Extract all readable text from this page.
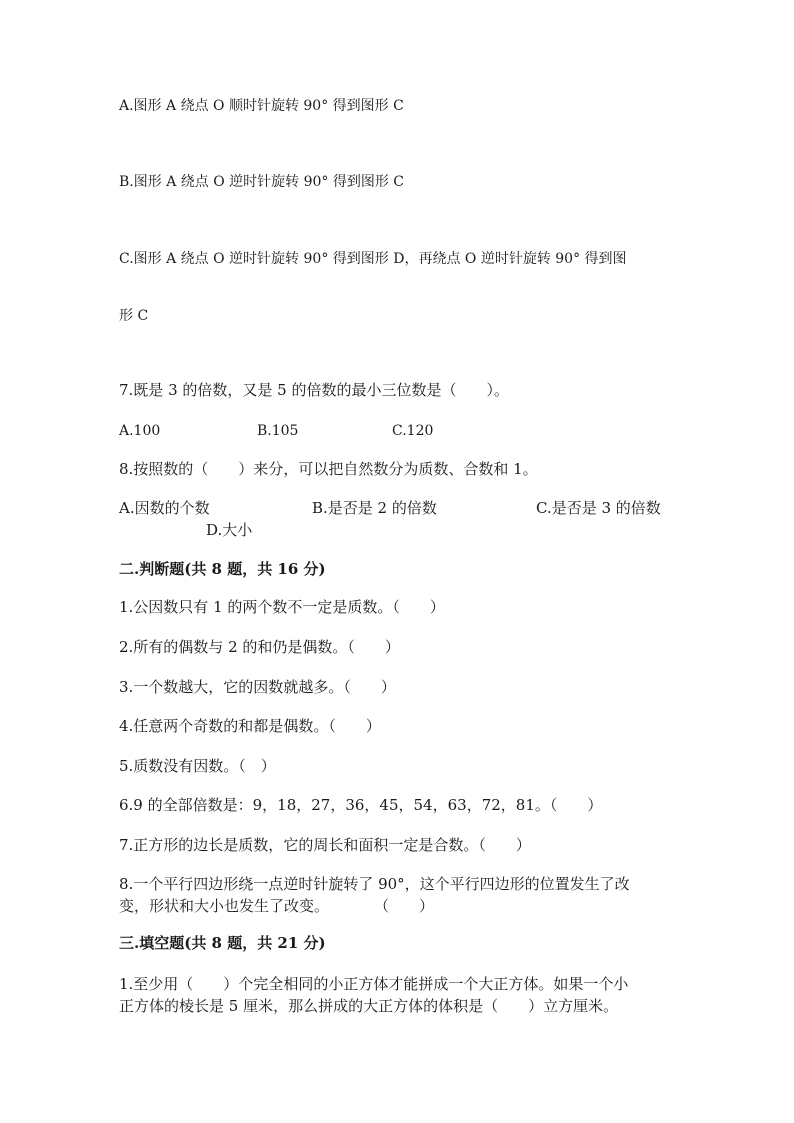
A.图形 A 绕点 O 顺时针旋转 90° 得到图形 C
B.图形 A 绕点 O 逆时针旋转 90° 得到图形 C
C.图形 A 绕点 O 逆时针旋转 90° 得到图形 D，再绕点 O 逆时针旋转 90° 得到图
形 C
7.既是 3 的倍数，又是 5 的倍数的最小三位数是（　　）。
A.100	B.105	C.120
8.按照数的（　　）来分，可以把自然数分为质数、合数和 1。
A.因数的个数	B.是否是 2 的倍数	C.是否是 3 的倍数
D.大小
二.判断题(共 8 题，共 16 分)
1.公因数只有 1 的两个数不一定是质数。（　　）
2.所有的偶数与 2 的和仍是偶数。（　　）
3.一个数越大，它的因数就越多。（　　）
4.任意两个奇数的和都是偶数。（　　）
5.质数没有因数。（　）
6.9 的全部倍数是：9，18，27，36，45，54，63，72，81。（　　）
7.正方形的边长是质数，它的周长和面积一定是合数。（　　）
8.一个平行四边形绕一点逆时针旋转了 90°，这个平行四边形的位置发生了改
变，形状和大小也发生了改变。　　　　（　　）
三.填空题(共 8 题，共 21 分)
1.至少用（　　）个完全相同的小正方体才能拼成一个大正方体。如果一个小
正方体的棱长是 5 厘米，那么拼成的大正方体的体积是（　　）立方厘米。
